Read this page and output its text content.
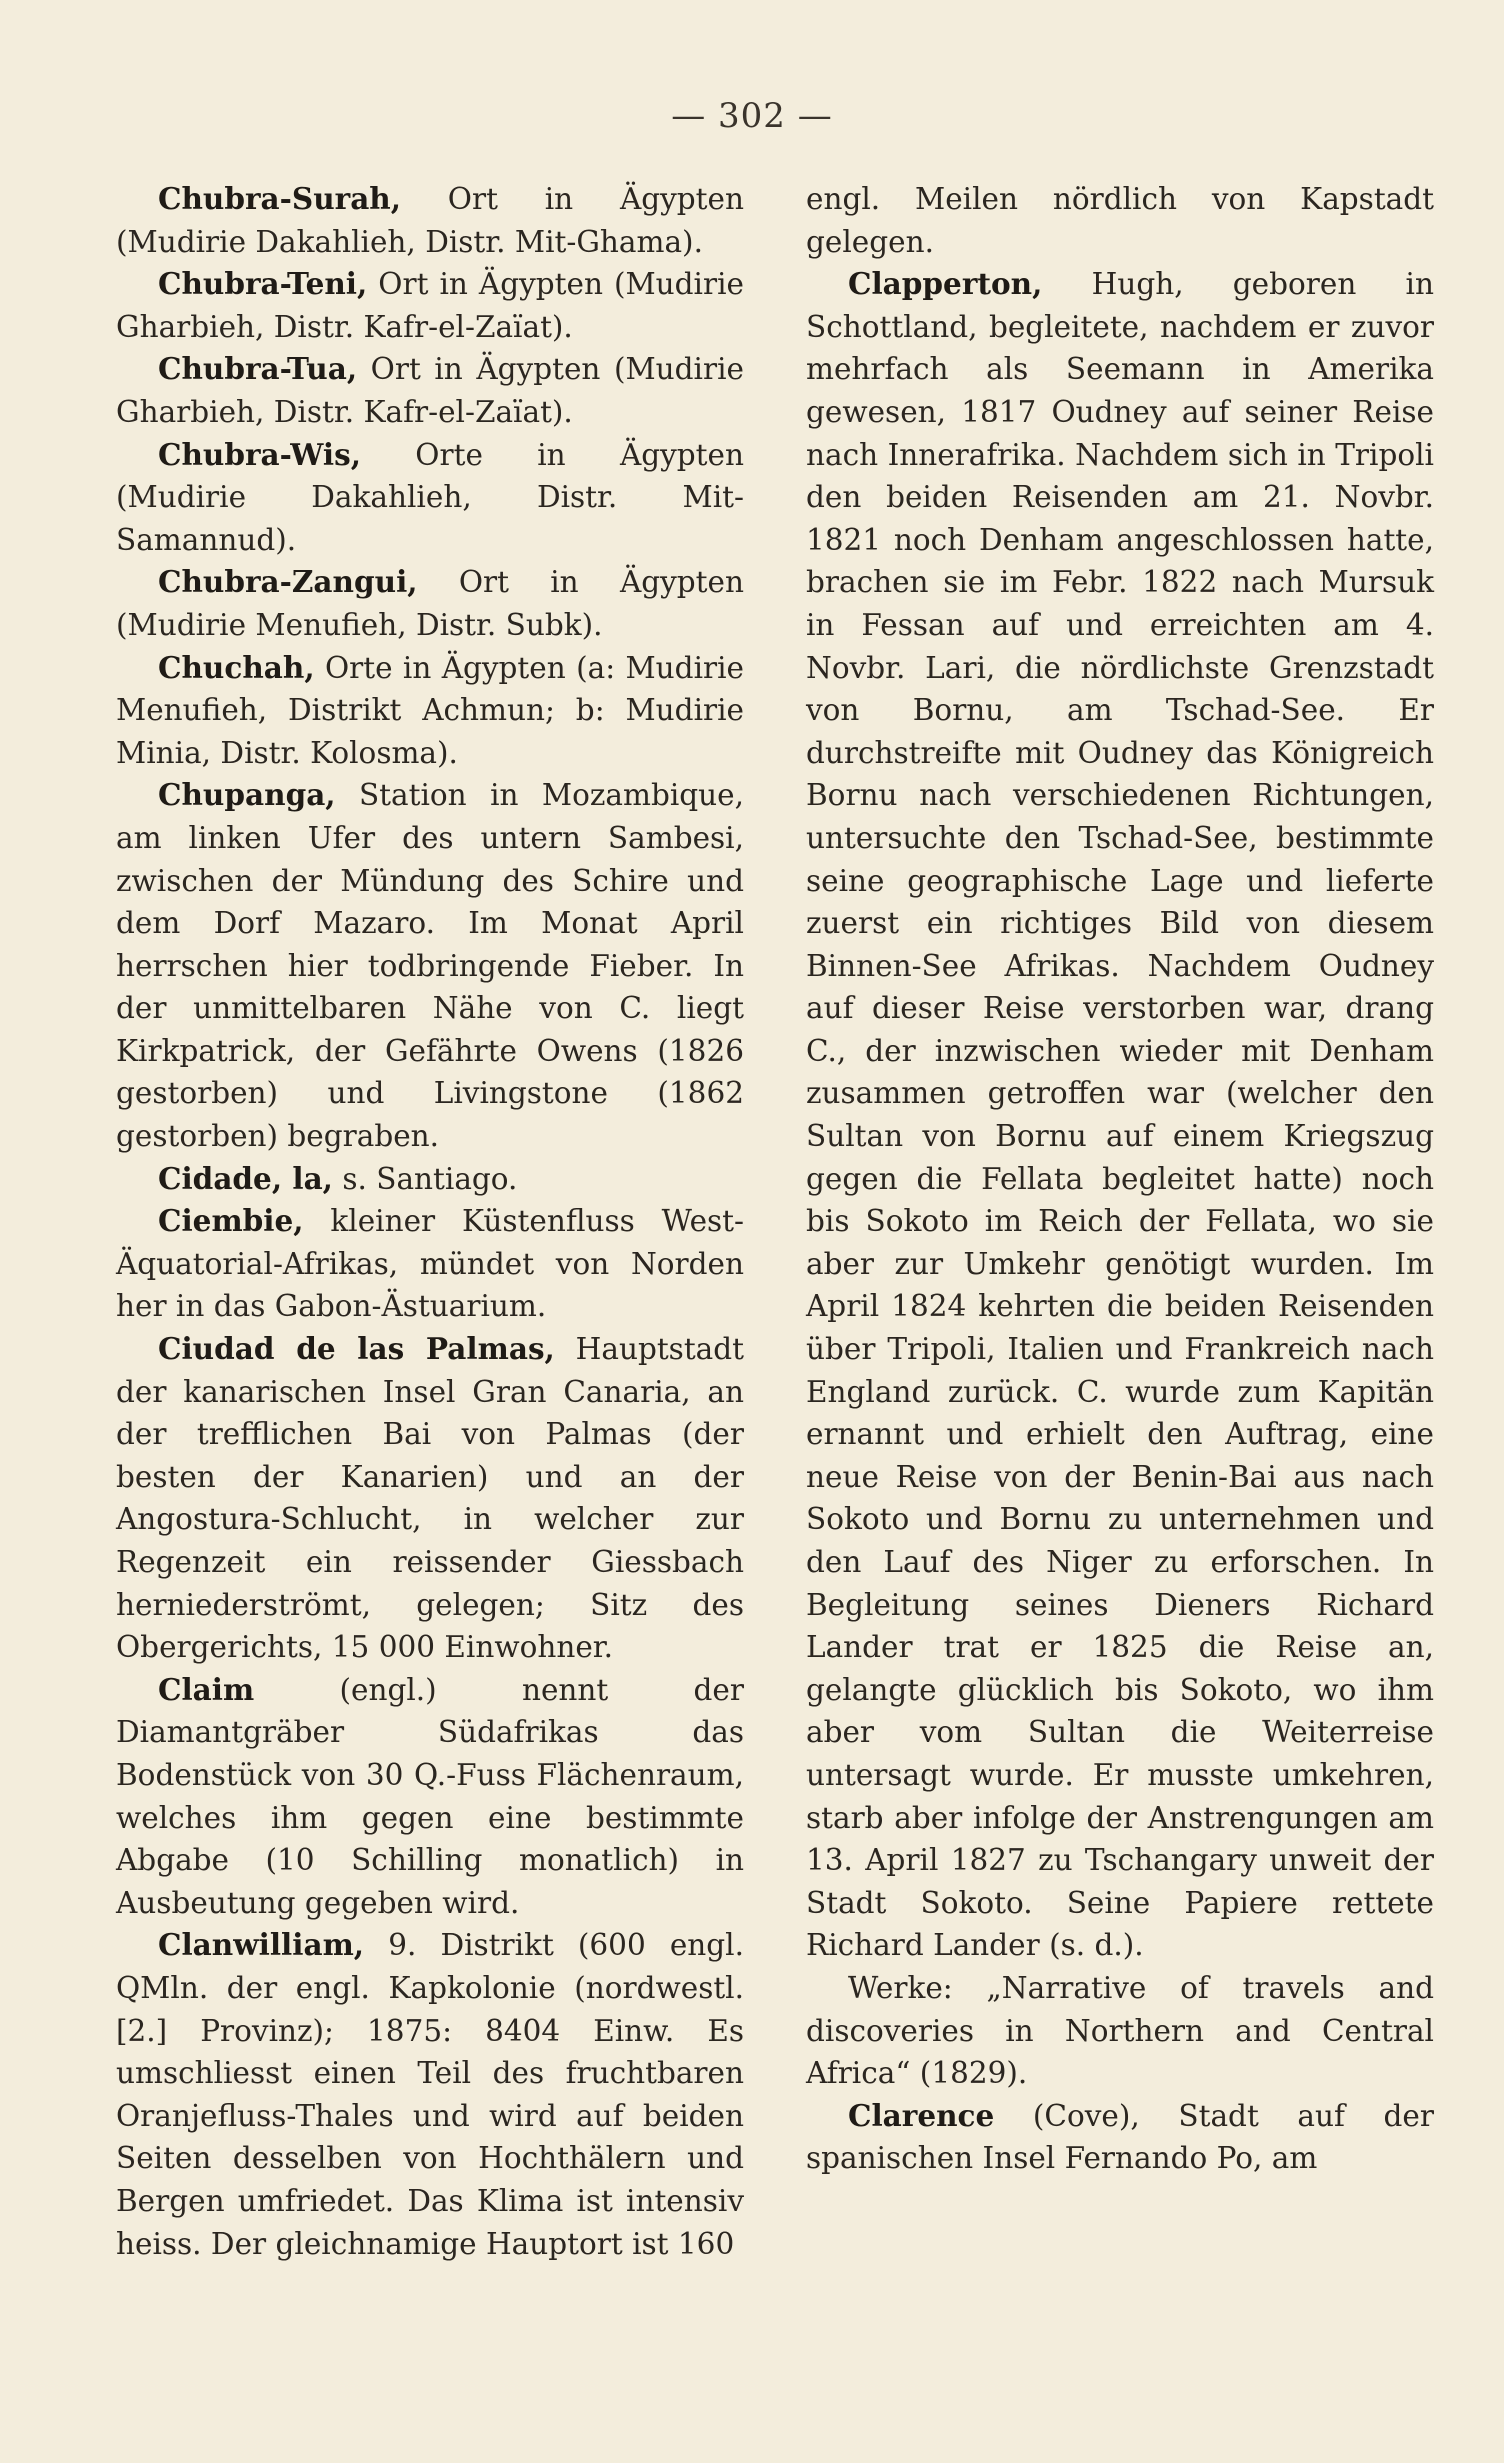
— 302 —

Chubra-Surah, Ort in Ägypten (Mudirie Dakahlieh, Distr. Mit-Ghama).

Chubra-Teni, Ort in Ägypten (Mudirie Gharbieh, Distr. Kafr-el-Zaïat).

Chubra-Tua, Ort in Ägypten (Mudirie Gharbieh, Distr. Kafr-el-Zaïat).

Chubra-Wis, Orte in Ägypten (Mudirie Dakahlieh, Distr. Mit-Samannud).

Chubra-Zangui, Ort in Ägypten (Mudirie Menufieh, Distr. Subk).

Chuchah, Orte in Ägypten (a: Mudirie Menufieh, Distrikt Achmun; b: Mudirie Minia, Distr. Kolosma).

Chupanga, Station in Mozambique, am linken Ufer des untern Sambesi, zwischen der Mündung des Schire und dem Dorf Mazaro. Im Monat April herrschen hier todbringende Fieber. In der unmittelbaren Nähe von C. liegt Kirkpatrick, der Gefährte Owens (1826 gestorben) und Livingstone (1862 gestorben) begraben.

Cidade, la, s. Santiago.

Ciembie, kleiner Küstenfluss West-Äquatorial-Afrikas, mündet von Norden her in das Gabon-Ästuarium.

Ciudad de las Palmas, Hauptstadt der kanarischen Insel Gran Canaria, an der trefflichen Bai von Palmas (der besten der Kanarien) und an der Angostura-Schlucht, in welcher zur Regenzeit ein reissender Giessbach herniederströmt, gelegen; Sitz des Obergerichts, 15 000 Einwohner.

Claim (engl.) nennt der Diamantgräber Südafrikas das Bodenstück von 30 Q.-Fuss Flächenraum, welches ihm gegen eine bestimmte Abgabe (10 Schilling monatlich) in Ausbeutung gegeben wird.

Clanwilliam, 9. Distrikt (600 engl. QMln. der engl. Kapkolonie (nordwestl. [2.] Provinz); 1875: 8404 Einw. Es umschliesst einen Teil des fruchtbaren Oranjefluss-Thales und wird auf beiden Seiten desselben von Hochthälern und Bergen umfriedet. Das Klima ist intensiv heiss. Der gleichnamige Hauptort ist 160

engl. Meilen nördlich von Kapstadt gelegen.

Clapperton, Hugh, geboren in Schottland, begleitete, nachdem er zuvor mehrfach als Seemann in Amerika gewesen, 1817 Oudney auf seiner Reise nach Innerafrika. Nachdem sich in Tripoli den beiden Reisenden am 21. Novbr. 1821 noch Denham angeschlossen hatte, brachen sie im Febr. 1822 nach Mursuk in Fessan auf und erreichten am 4. Novbr. Lari, die nördlichste Grenzstadt von Bornu, am Tschad-See. Er durchstreifte mit Oudney das Königreich Bornu nach verschiedenen Richtungen, untersuchte den Tschad-See, bestimmte seine geographische Lage und lieferte zuerst ein richtiges Bild von diesem Binnen-See Afrikas. Nachdem Oudney auf dieser Reise verstorben war, drang C., der inzwischen wieder mit Denham zusammen getroffen war (welcher den Sultan von Bornu auf einem Kriegszug gegen die Fellata begleitet hatte) noch bis Sokoto im Reich der Fellata, wo sie aber zur Umkehr genötigt wurden. Im April 1824 kehrten die beiden Reisenden über Tripoli, Italien und Frankreich nach England zurück. C. wurde zum Kapitän ernannt und erhielt den Auftrag, eine neue Reise von der Benin-Bai aus nach Sokoto und Bornu zu unternehmen und den Lauf des Niger zu erforschen. In Begleitung seines Dieners Richard Lander trat er 1825 die Reise an, gelangte glücklich bis Sokoto, wo ihm aber vom Sultan die Weiterreise untersagt wurde. Er musste umkehren, starb aber infolge der Anstrengungen am 13. April 1827 zu Tschangary unweit der Stadt Sokoto. Seine Papiere rettete Richard Lander (s. d.).

Werke: „Narrative of travels and discoveries in Northern and Central Africa“ (1829).

Clarence (Cove), Stadt auf der spanischen Insel Fernando Po, am
